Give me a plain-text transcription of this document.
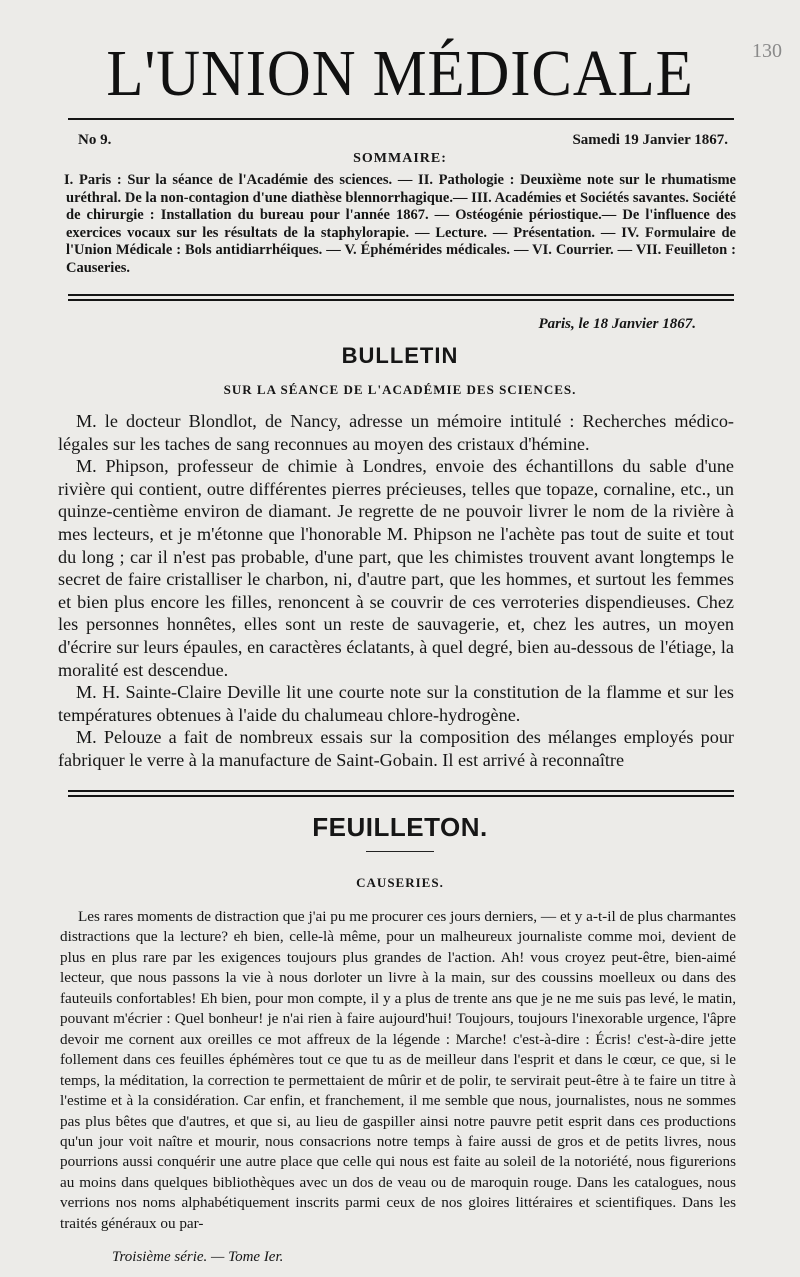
130
L'UNION MÉDICALE
No 9.	Samedi 19 Janvier 1867.
SOMMAIRE:

I. Paris : Sur la séance de l'Académie des sciences. — II. Pathologie : Deuxième note sur le rhumatisme uréthral. De la non-contagion d'une diathèse blennorrhagique.— III. Académies et Sociétés savantes. Société de chirurgie : Installation du bureau pour l'année 1867. — Ostéogénie périostique.— De l'influence des exercices vocaux sur les résultats de la staphylorapie. — Lecture. — Présentation. — IV. Formulaire de l'Union Médicale : Bols antidiarrhéiques. — V. Éphémérides médicales. — VI. Courrier. — VII. Feuilleton : Causeries.

Paris, le 18 Janvier 1867.
BULLETIN
SUR LA SÉANCE DE L'ACADÉMIE DES SCIENCES.

M. le docteur Blondlot, de Nancy, adresse un mémoire intitulé : Recherches médico-légales sur les taches de sang reconnues au moyen des cristaux d'hémine.

M. Phipson, professeur de chimie à Londres, envoie des échantillons du sable d'une rivière qui contient, outre différentes pierres précieuses, telles que topaze, cornaline, etc., un quinze-centième environ de diamant. Je regrette de ne pouvoir livrer le nom de la rivière à mes lecteurs, et je m'étonne que l'honorable M. Phipson ne l'achète pas tout de suite et tout du long ; car il n'est pas probable, d'une part, que les chimistes trouvent avant longtemps le secret de faire cristalliser le charbon, ni, d'autre part, que les hommes, et surtout les femmes et bien plus encore les filles, renoncent à se couvrir de ces verroteries dispendieuses. Chez les personnes honnêtes, elles sont un reste de sauvagerie, et, chez les autres, un moyen d'écrire sur leurs épaules, en caractères éclatants, à quel degré, bien au-dessous de l'étiage, la moralité est descendue.

M. H. Sainte-Claire Deville lit une courte note sur la constitution de la flamme et sur les températures obtenues à l'aide du chalumeau chlore-hydrogène.

M. Pelouze a fait de nombreux essais sur la composition des mélanges employés pour fabriquer le verre à la manufacture de Saint-Gobain. Il est arrivé à reconnaître

FEUILLETON.
CAUSERIES.

Les rares moments de distraction que j'ai pu me procurer ces jours derniers, — et y a-t-il de plus charmantes distractions que la lecture? eh bien, celle-là même, pour un malheureux journaliste comme moi, devient de plus en plus rare par les exigences toujours plus grandes de l'action. Ah! vous croyez peut-être, bien-aimé lecteur, que nous passons la vie à nous dorloter un livre à la main, sur des coussins moelleux ou dans des fauteuils confortables! Eh bien, pour mon compte, il y a plus de trente ans que je ne me suis pas levé, le matin, pouvant m'écrier : Quel bonheur! je n'ai rien à faire aujourd'hui! Toujours, toujours l'inexorable urgence, l'âpre devoir me cornent aux oreilles ce mot affreux de la légende : Marche! c'est-à-dire : Écris! c'est-à-dire jette follement dans ces feuilles éphémères tout ce que tu as de meilleur dans l'esprit et dans le cœur, ce que, si le temps, la méditation, la correction te permettaient de mûrir et de polir, te servirait peut-être à te faire un titre à l'estime et à la considération. Car enfin, et franchement, il me semble que nous, journalistes, nous ne sommes pas plus bêtes que d'autres, et que si, au lieu de gaspiller ainsi notre pauvre petit esprit dans ces productions qu'un jour voit naître et mourir, nous consacrions notre temps à faire aussi de gros et de petits livres, nous pourrions aussi conquérir une autre place que celle qui nous est faite au soleil de la notoriété, nous figurerions au moins dans quelques bibliothèques avec un dos de veau ou de maroquin rouge. Dans les catalogues, nous verrions nos noms alphabétiquement inscrits parmi ceux de nos gloires littéraires et scientifiques. Dans les traités généraux ou par-

Troisième série. — Tome Ier.
